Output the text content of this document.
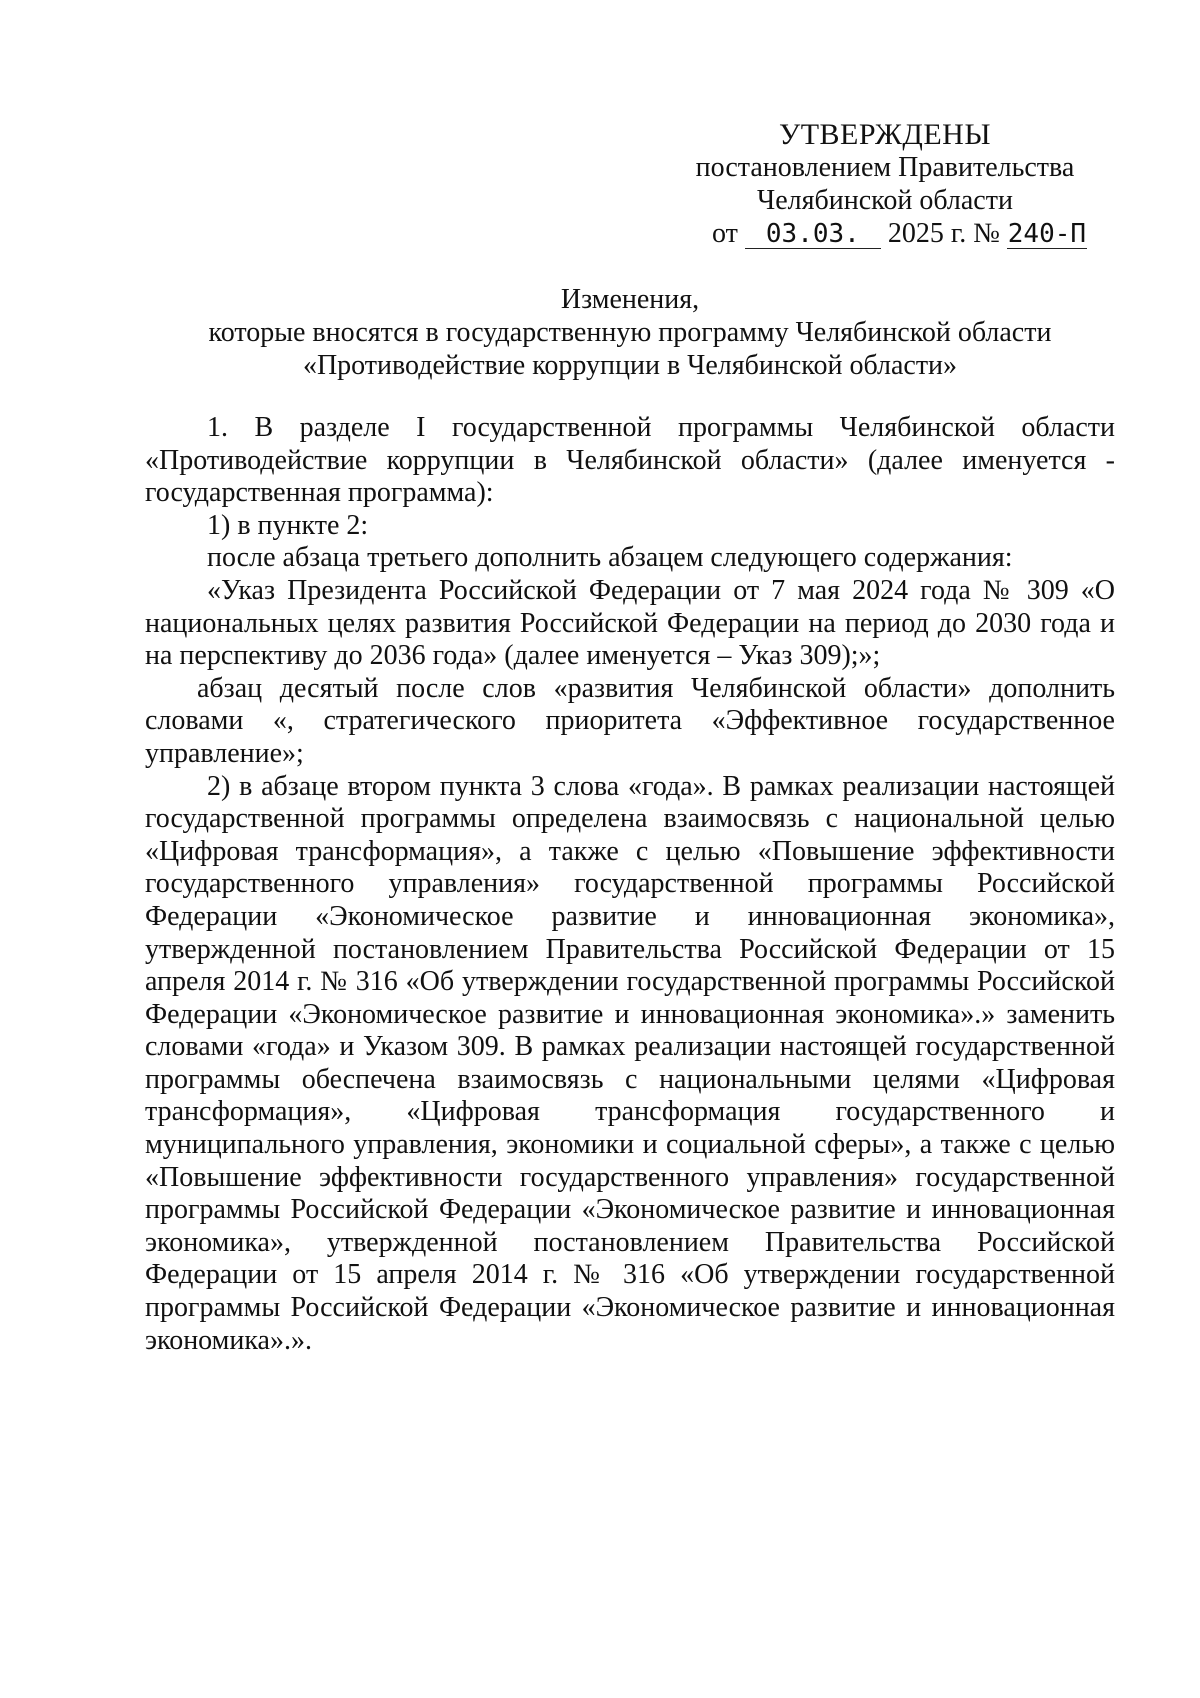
УТВЕРЖДЕНЫ
постановлением Правительства
Челябинской области
от 03.03. 2025 г. № 240-П
Изменения,
которые вносятся в государственную программу Челябинской области
«Противодействие коррупции в Челябинской области»

1. В разделе I государственной программы Челябинской области «Противодействие коррупции в Челябинской области» (далее именуется - государственная программа):

1) в пункте 2:

после абзаца третьего дополнить абзацем следующего содержания:

«Указ Президента Российской Федерации от 7 мая 2024 года № 309 «О национальных целях развития Российской Федерации на период до 2030 года и на перспективу до 2036 года» (далее именуется – Указ 309);»;

абзац десятый после слов «развития Челябинской области» дополнить словами «, стратегического приоритета «Эффективное государственное управление»;

2) в абзаце втором пункта 3 слова «года». В рамках реализации настоящей государственной программы определена взаимосвязь с национальной целью «Цифровая трансформация», а также с целью «Повышение эффективности государственного управления» государственной программы Российской Федерации «Экономическое развитие и инновационная экономика», утвержденной постановлением Правительства Российской Федерации от 15 апреля 2014 г. № 316 «Об утверждении государственной программы Российской Федерации «Экономическое развитие и инновационная экономика».» заменить словами «года» и Указом 309. В рамках реализации настоящей государственной программы обеспечена взаимосвязь с национальными целями «Цифровая трансформация», «Цифровая трансформация государственного и муниципального управления, экономики и социальной сферы», а также с целью «Повышение эффективности государственного управления» государственной программы Российской Федерации «Экономическое развитие и инновационная экономика», утвержденной постановлением Правительства Российской Федерации от 15 апреля 2014 г. № 316 «Об утверждении государственной программы Российской Федерации «Экономическое развитие и инновационная экономика».».
